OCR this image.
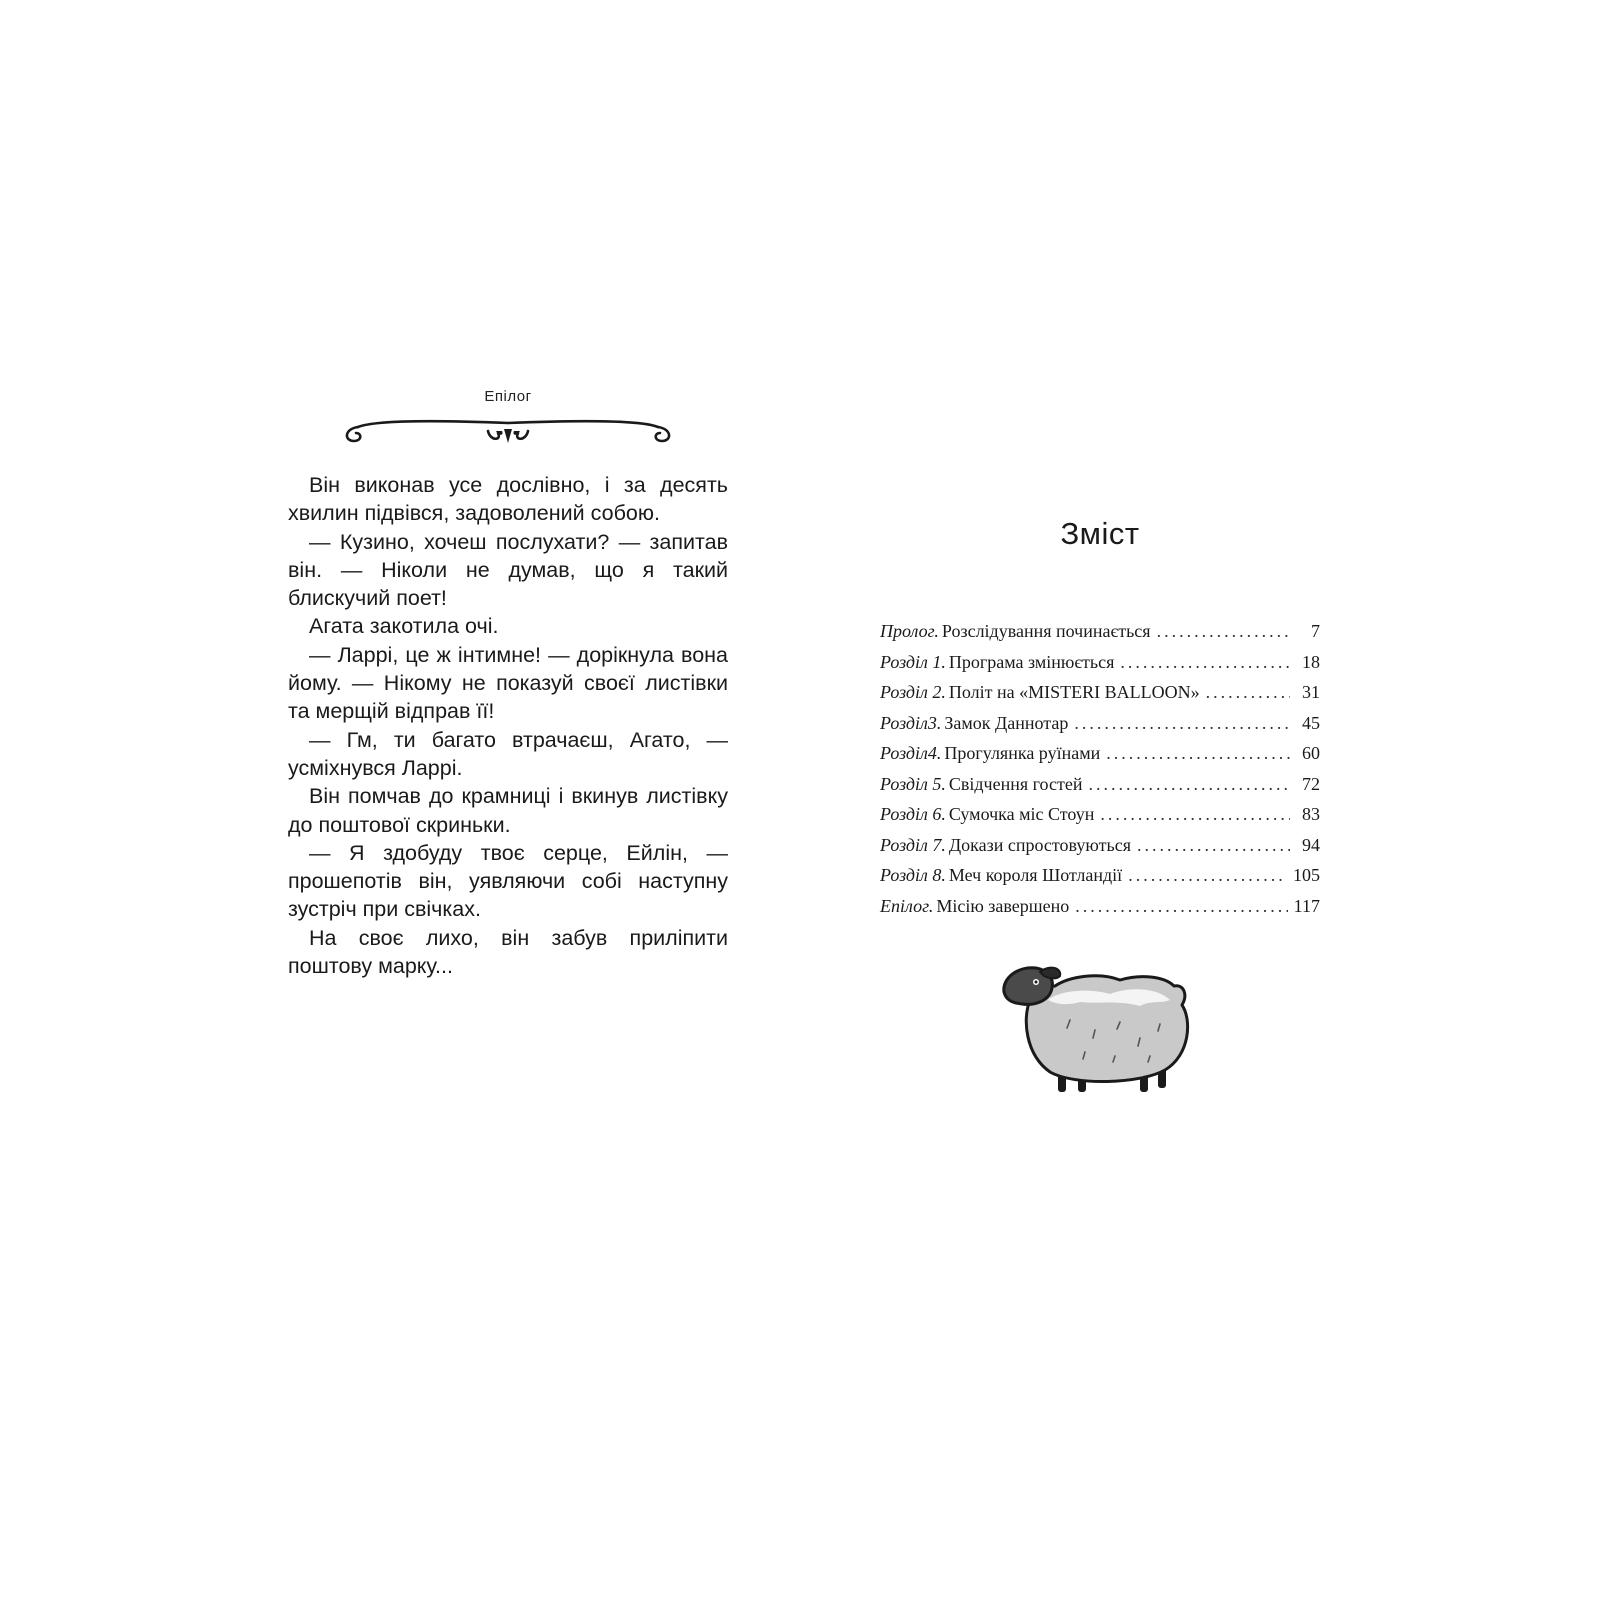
Епілог

Він виконав усе дослівно, і за десять хвилин підвівся, задоволений собою.

— Кузино, хочеш послухати? — запитав він. — Ніколи не думав, що я такий блискучий поет!

Агата закотила очі.

— Ларрі, це ж інтимне! — дорікнула вона йому. — Нікому не показуй своєї листівки та мерщій відправ її!

— Гм, ти багато втрачаєш, Агато, — усміхнувся Ларрі.

Він помчав до крамниці і вкинув листівку до поштової скриньки.

— Я здобуду твоє серце, Ейлін, — прошепотів він, уявляючи собі наступну зустріч при свічках.

На своє лихо, він забув приліпити поштову марку...

Зміст
Пролог. Розслідування починається .....	7
Розділ 1. Програма змінюється .....	18
Розділ 2. Політ на «MISTERI BALLOON» .....	31
Розділ3. Замок Даннотар .....	45
Розділ4. Прогулянка руїнами .....	60
Розділ 5. Свідчення гостей .....	72
Розділ 6. Сумочка міс Стоун .....	83
Розділ 7. Докази спростовуються .....	94
Розділ 8. Меч короля Шотландії .....	105
Епілог. Місію завершено .....	117
